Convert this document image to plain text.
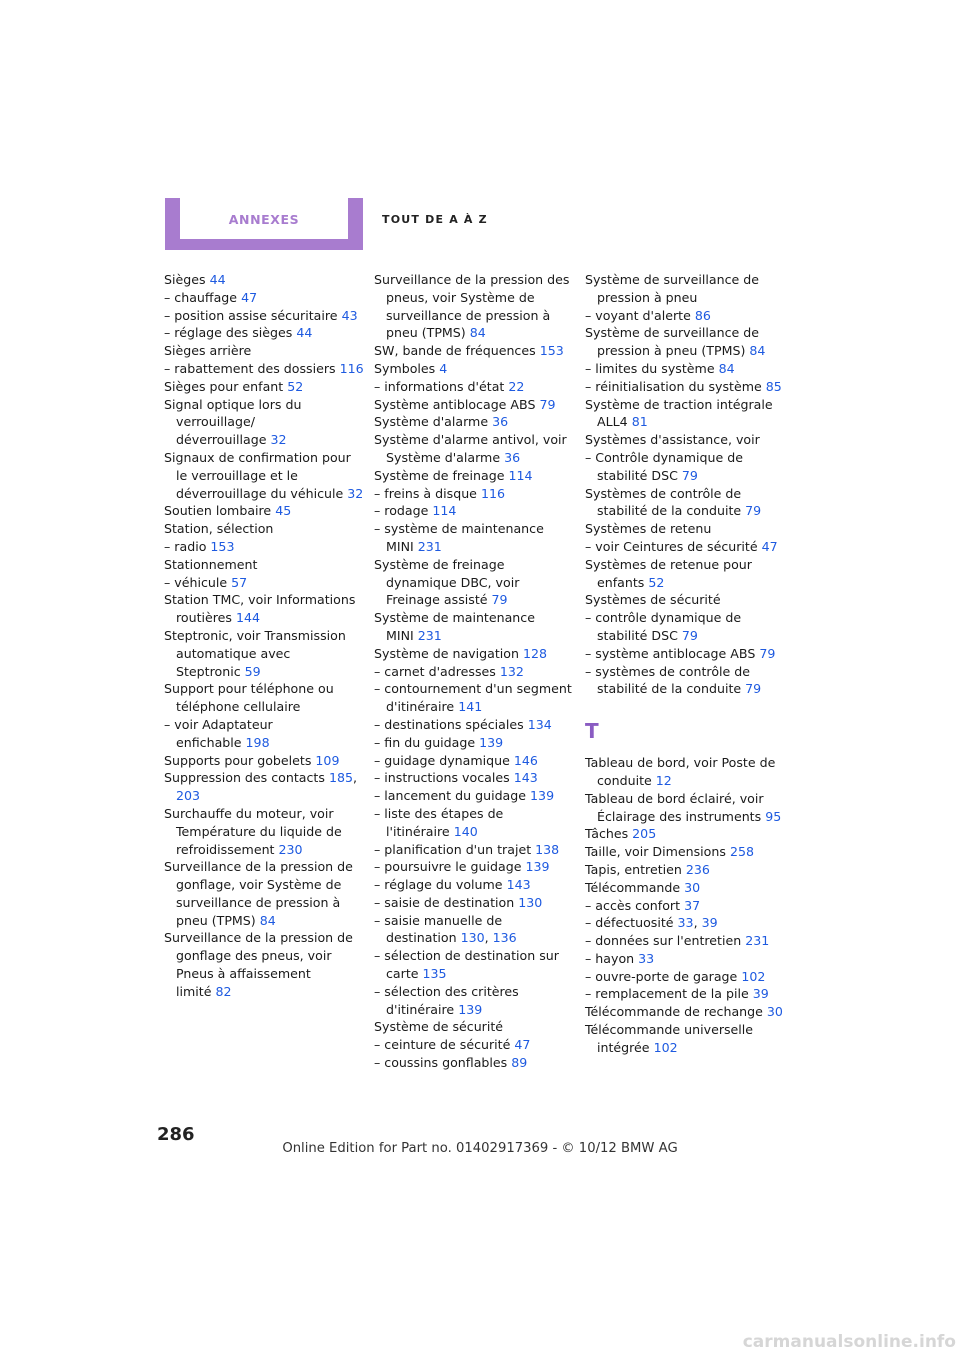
ANNEXES	TOUT DE A À Z
Sièges 44
– chauffage 47
– position assise sécuritaire 43
– réglage des sièges 44
Sièges arrière
– rabattement des dossiers 116
Sièges pour enfant 52
Signal optique lors du verrouillage/ déverrouillage 32
Signaux de confirmation pour le verrouillage et le déverrouillage du véhicule 32
Soutien lombaire 45
Station, sélection
– radio 153
Stationnement
– véhicule 57
Station TMC, voir Informations routières 144
Steptronic, voir Transmission automatique avec Steptronic 59
Support pour téléphone ou téléphone cellulaire
– voir Adaptateur enfichable 198
Supports pour gobelets 109
Suppression des contacts 185, 203
Surchauffe du moteur, voir Température du liquide de refroidissement 230
Surveillance de la pression de gonflage, voir Système de surveillance de pression à pneu (TPMS) 84
Surveillance de la pression de gonflage des pneus, voir Pneus à affaissement limité 82
Surveillance de la pression des pneus, voir Système de surveillance de pression à pneu (TPMS) 84
SW, bande de fréquences 153
Symboles 4
– informations d'état 22
Système antiblocage ABS 79
Système d'alarme 36
Système d'alarme antivol, voir Système d'alarme 36
Système de freinage 114
– freins à disque 116
– rodage 114
– système de maintenance MINI 231
Système de freinage dynamique DBC, voir Freinage assisté 79
Système de maintenance MINI 231
Système de navigation 128
– carnet d'adresses 132
– contournement d'un segment d'itinéraire 141
– destinations spéciales 134
– fin du guidage 139
– guidage dynamique 146
– instructions vocales 143
– lancement du guidage 139
– liste des étapes de l'itinéraire 140
– planification d'un trajet 138
– poursuivre le guidage 139
– réglage du volume 143
– saisie de destination 130
– saisie manuelle de destination 130, 136
– sélection de destination sur carte 135
– sélection des critères d'itinéraire 139
Système de sécurité
– ceinture de sécurité 47
– coussins gonflables 89
Système de surveillance de pression à pneu
– voyant d'alerte 86
Système de surveillance de pression à pneu (TPMS) 84
– limites du système 84
– réinitialisation du système 85
Système de traction intégrale ALL4 81
Systèmes d'assistance, voir
– Contrôle dynamique de stabilité DSC 79
Systèmes de contrôle de stabilité de la conduite 79
Systèmes de retenu
– voir Ceintures de sécurité 47
Systèmes de retenue pour enfants 52
Systèmes de sécurité
– contrôle dynamique de stabilité DSC 79
– système antiblocage ABS 79
– systèmes de contrôle de stabilité de la conduite 79
T
Tableau de bord, voir Poste de conduite 12
Tableau de bord éclairé, voir Éclairage des instruments 95
Tâches 205
Taille, voir Dimensions 258
Tapis, entretien 236
Télécommande 30
– accès confort 37
– défectuosité 33, 39
– données sur l'entretien 231
– hayon 33
– ouvre-porte de garage 102
– remplacement de la pile 39
Télécommande de rechange 30
Télécommande universelle intégrée 102
286
Online Edition for Part no. 01402917369 - © 10/12 BMW AG
carmanualsonline.info
